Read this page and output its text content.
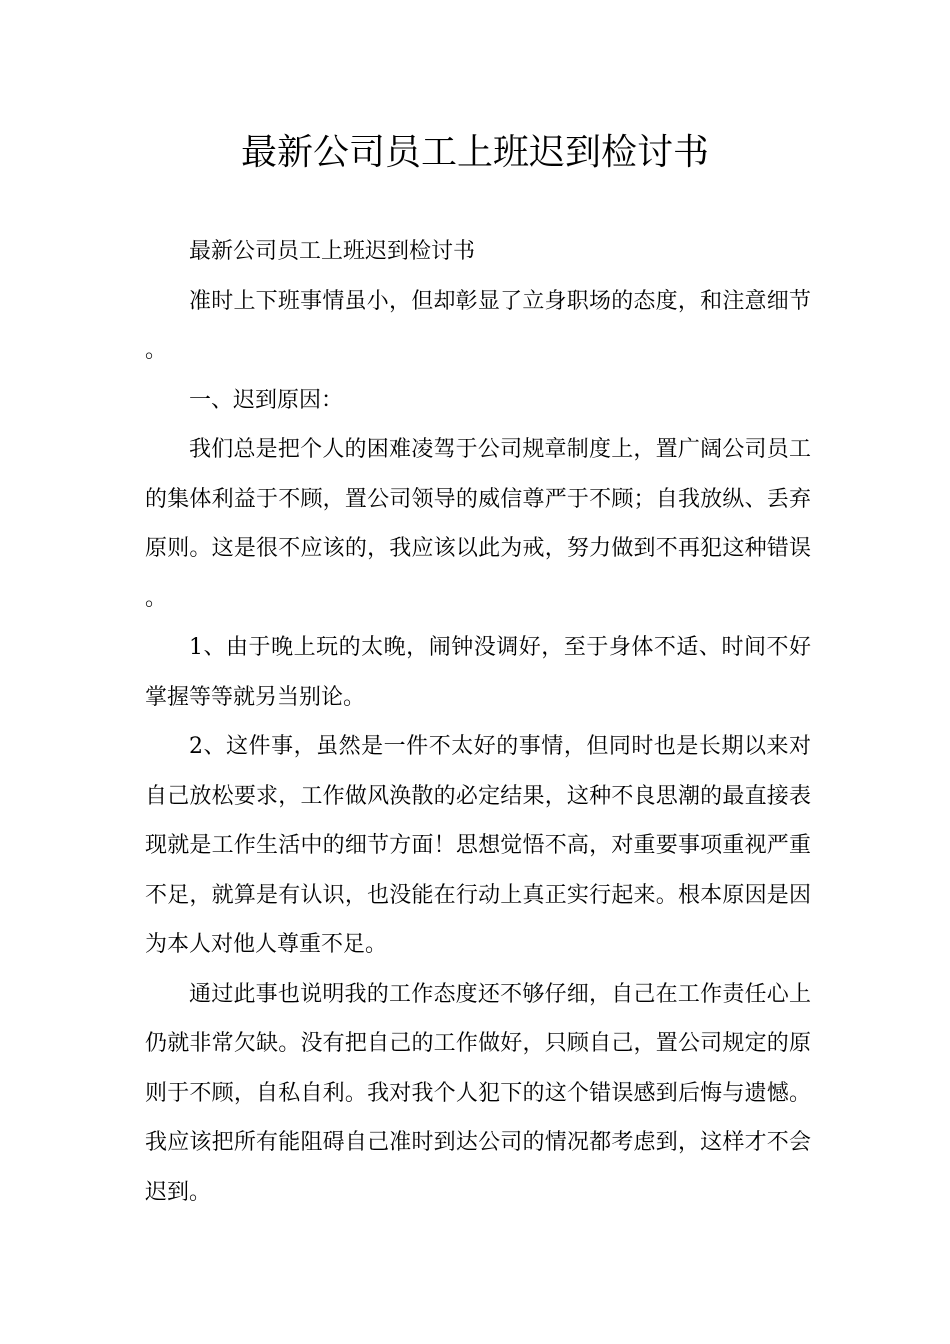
最新公司员工上班迟到检讨书

最新公司员工上班迟到检讨书

准时上下班事情虽小，但却彰显了立身职场的态度，和注意细节。

一、迟到原因：

我们总是把个人的困难凌驾于公司规章制度上，置广阔公司员工的集体利益于不顾，置公司领导的威信尊严于不顾；自我放纵、丢弃原则。这是很不应该的，我应该以此为戒，努力做到不再犯这种错误。

1、由于晚上玩的太晚，闹钟没调好，至于身体不适、时间不好掌握等等就另当别论。

2、这件事，虽然是一件不太好的事情，但同时也是长期以来对自己放松要求，工作做风涣散的必定结果，这种不良思潮的最直接表现就是工作生活中的细节方面！思想觉悟不高，对重要事项重视严重不足，就算是有认识，也没能在行动上真正实行起来。根本原因是因为本人对他人尊重不足。

通过此事也说明我的工作态度还不够仔细，自己在工作责任心上仍就非常欠缺。没有把自己的工作做好，只顾自己，置公司规定的原则于不顾，自私自利。我对我个人犯下的这个错误感到后悔与遗憾。我应该把所有能阻碍自己准时到达公司的情况都考虑到，这样才不会迟到。
